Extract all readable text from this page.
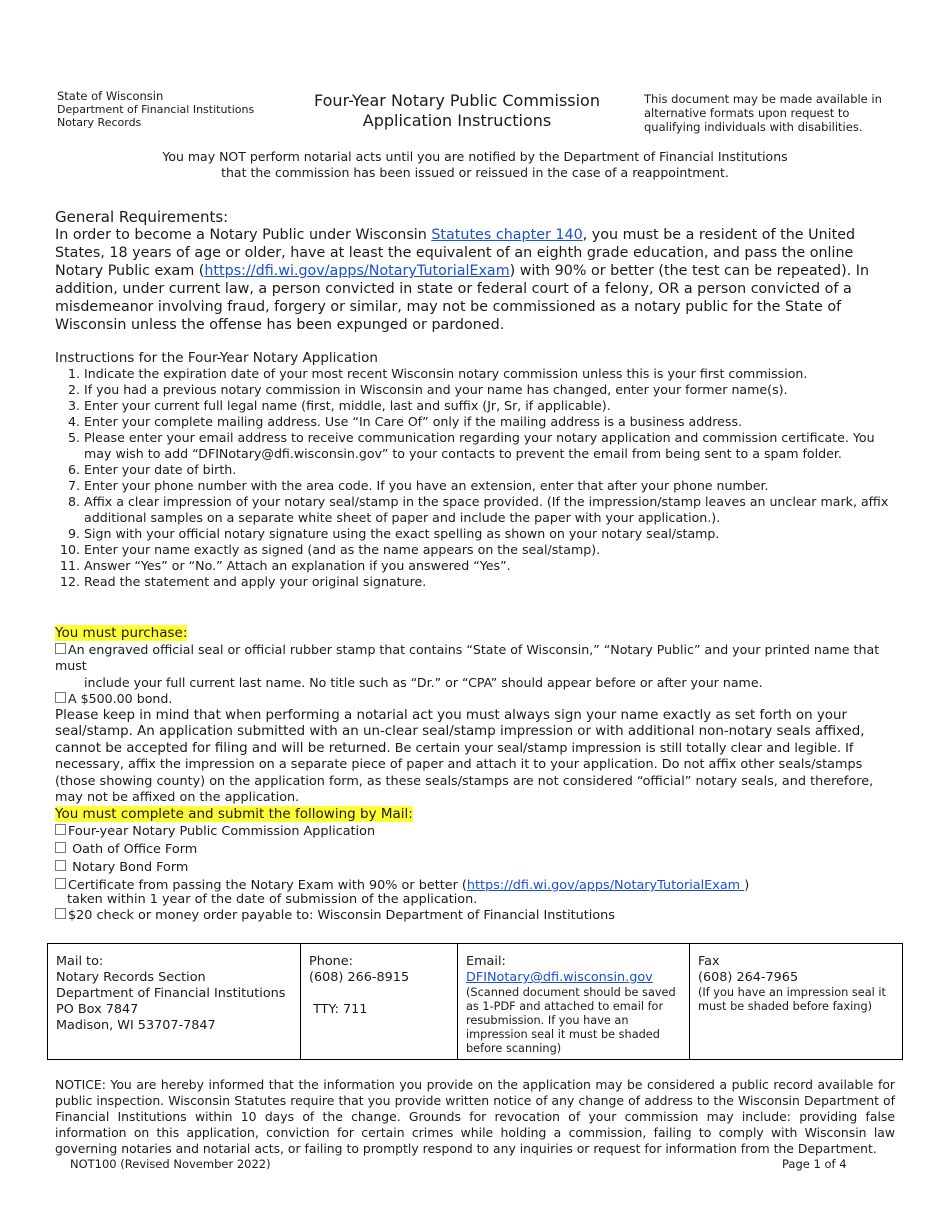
State of Wisconsin
Department of Financial Institutions
Notary Records
Four-Year Notary Public Commission
Application Instructions
This document may be made available in alternative formats upon request to qualifying individuals with disabilities.
You may NOT perform notarial acts until you are notified by the Department of Financial Institutions
that the commission has been issued or reissued in the case of a reappointment.
General Requirements:
In order to become a Notary Public under Wisconsin Statutes chapter 140, you must be a resident of the United States, 18 years of age or older, have at least the equivalent of an eighth grade education, and pass the online Notary Public exam (https://dfi.wi.gov/apps/NotaryTutorialExam) with 90% or better (the test can be repeated). In addition, under current law, a person convicted in state or federal court of a felony, OR a person convicted of a misdemeanor involving fraud, forgery or similar, may not be commissioned as a notary public for the State of Wisconsin unless the offense has been expunged or pardoned.
Instructions for the Four-Year Notary Application
1. Indicate the expiration date of your most recent Wisconsin notary commission unless this is your first commission.
2. If you had a previous notary commission in Wisconsin and your name has changed, enter your former name(s).
3. Enter your current full legal name (first, middle, last and suffix (Jr, Sr, if applicable).
4. Enter your complete mailing address. Use “In Care Of” only if the mailing address is a business address.
5. Please enter your email address to receive communication regarding your notary application and commission certificate. You may wish to add “DFINotary@dfi.wisconsin.gov” to your contacts to prevent the email from being sent to a spam folder.
6. Enter your date of birth.
7. Enter your phone number with the area code. If you have an extension, enter that after your phone number.
8. Affix a clear impression of your notary seal/stamp in the space provided. (If the impression/stamp leaves an unclear mark, affix additional samples on a separate white sheet of paper and include the paper with your application.).
9. Sign with your official notary signature using the exact spelling as shown on your notary seal/stamp.
10. Enter your name exactly as signed (and as the name appears on the seal/stamp).
11. Answer “Yes” or “No.” Attach an explanation if you answered “Yes”.
12. Read the statement and apply your original signature.
You must purchase:
An engraved official seal or official rubber stamp that contains “State of Wisconsin,” “Notary Public” and your printed name that must
include your full current last name. No title such as “Dr.” or “CPA” should appear before or after your name.
A $500.00 bond.
Please keep in mind that when performing a notarial act you must always sign your name exactly as set forth on your seal/stamp. An application submitted with an un-clear seal/stamp impression or with additional non-notary seals affixed, cannot be accepted for filing and will be returned. Be certain your seal/stamp impression is still totally clear and legible. If necessary, affix the impression on a separate piece of paper and attach it to your application. Do not affix other seals/stamps (those showing county) on the application form, as these seals/stamps are not considered “official” notary seals, and therefore, may not be affixed on the application.
You must complete and submit the following by Mail:
Four-year Notary Public Commission Application
Oath of Office Form
Notary Bond Form
Certificate from passing the Notary Exam with 90% or better (https://dfi.wi.gov/apps/NotaryTutorialExam )
taken within 1 year of the date of submission of the application.
$20 check or money order payable to: Wisconsin Department of Financial Institutions
Mail to:
Notary Records Section
Department of Financial Institutions
PO Box 7847
Madison, WI 53707-7847

Phone:
(608) 266-8915
TTY: 711

Email:
DFINotary@dfi.wisconsin.gov
(Scanned document should be saved as 1-PDF and attached to email for resubmission. If you have an impression seal it must be shaded before scanning)

Fax
(608) 264-7965
(If you have an impression seal it must be shaded before faxing)
NOTICE: You are hereby informed that the information you provide on the application may be considered a public record available for public inspection. Wisconsin Statutes require that you provide written notice of any change of address to the Wisconsin Department of Financial Institutions within 10 days of the change. Grounds for revocation of your commission may include: providing false information on this application, conviction for certain crimes while holding a commission, failing to comply with Wisconsin law governing notaries and notarial acts, or failing to promptly respond to any inquiries or request for information from the Department.
NOT100 (Revised November 2022)	Page 1 of 4
